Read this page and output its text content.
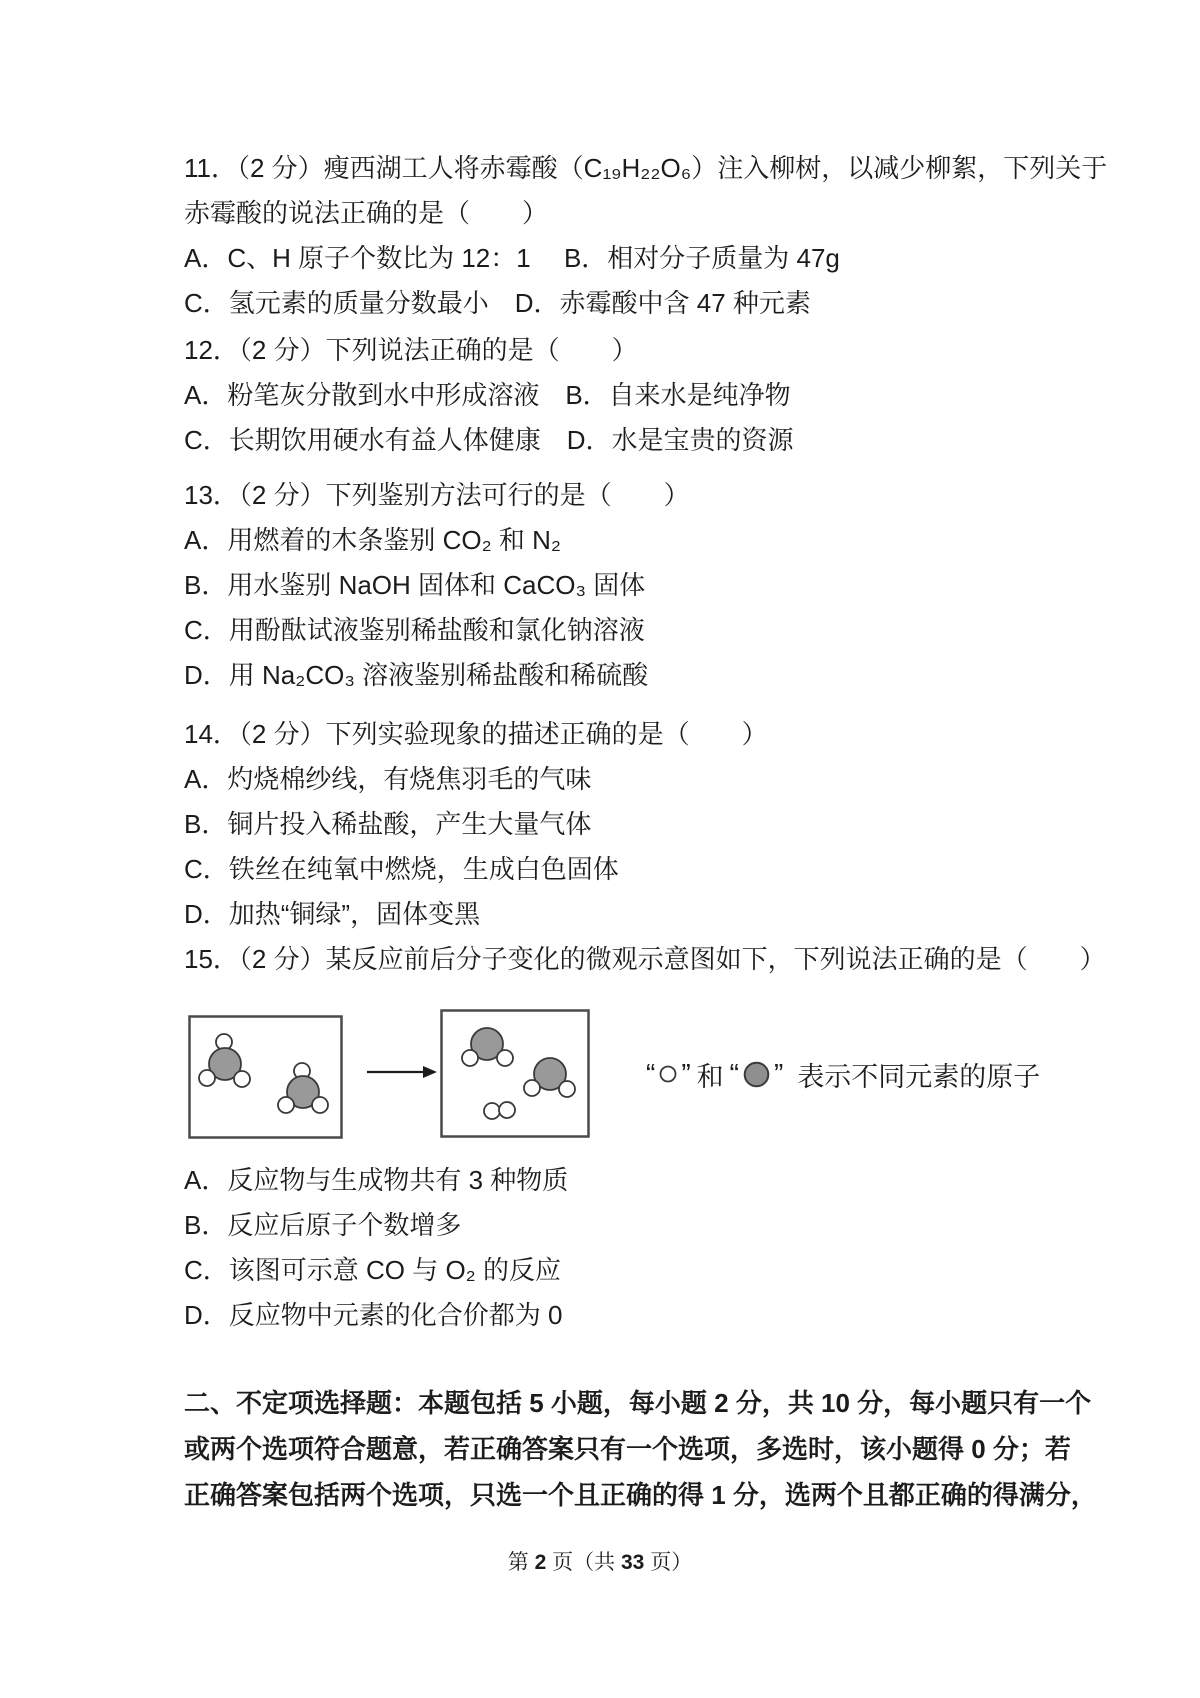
11．（2 分）瘦西湖工人将赤霉酸（C₁₉H₂₂O₆）注入柳树，以减少柳絮，下列关于
赤霉酸的说法正确的是（　　）
A．C、H 原子个数比为 12：1　 B．相对分子质量为 47g
C．氢元素的质量分数最小　D．赤霉酸中含 47 种元素
12．（2 分）下列说法正确的是（　　）
A．粉笔灰分散到水中形成溶液　B．自来水是纯净物
C．长期饮用硬水有益人体健康　D．水是宝贵的资源
13．（2 分）下列鉴别方法可行的是（　　）
A．用燃着的木条鉴别 CO₂ 和 N₂
B．用水鉴别 NaOH 固体和 CaCO₃ 固体
C．用酚酞试液鉴别稀盐酸和氯化钠溶液
D．用 Na₂CO₃ 溶液鉴别稀盐酸和稀硫酸
14．（2 分）下列实验现象的描述正确的是（　　）
A．灼烧棉纱线，有烧焦羽毛的气味
B．铜片投入稀盐酸，产生大量气体
C．铁丝在纯氧中燃烧，生成白色固体
D．加热“铜绿”，固体变黑
15．（2 分）某反应前后分子变化的微观示意图如下，下列说法正确的是（　　）
“ ” 和 “ ” 表示不同元素的原子
A．反应物与生成物共有 3 种物质
B．反应后原子个数增多
C．该图可示意 CO 与 O₂ 的反应
D．反应物中元素的化合价都为 0
二、不定项选择题：本题包括 5 小题，每小题 2 分，共 10 分，每小题只有一个
或两个选项符合题意，若正确答案只有一个选项，多选时，该小题得 0 分；若
正确答案包括两个选项，只选一个且正确的得 1 分，选两个且都正确的得满分，
第 2 页（共 33 页）
